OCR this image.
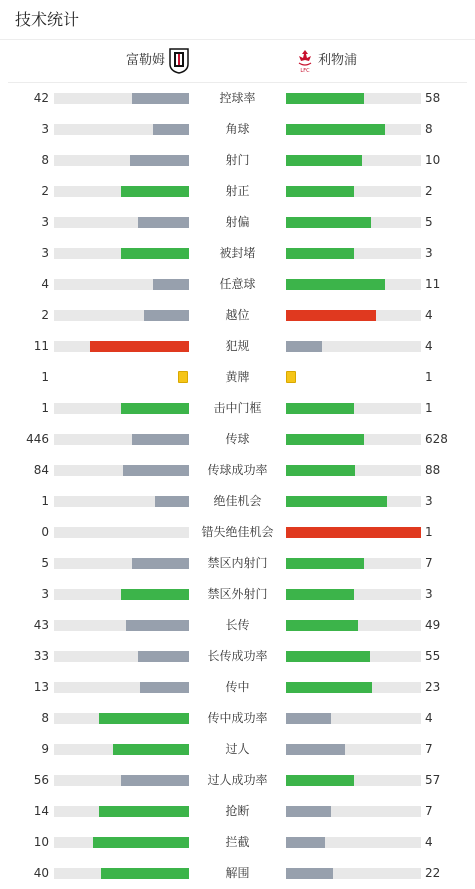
技术统计
富勒姆
LFC
利物浦
42	58
控球率
3	8
角球
8	10
射门
2	2
射正
3	5
射偏
3	3
被封堵
4	11
任意球
2	4
越位
11	4
犯规
1	1
黄牌
1	1
击中门框
446	628
传球
84	88
传球成功率
1	3
绝佳机会
0	1
错失绝佳机会
5	7
禁区内射门
3	3
禁区外射门
43	49
长传
33	55
长传成功率
13	23
传中
8	4
传中成功率
9	7
过人
56	57
过人成功率
14	7
抢断
10	4
拦截
40	22
解围
